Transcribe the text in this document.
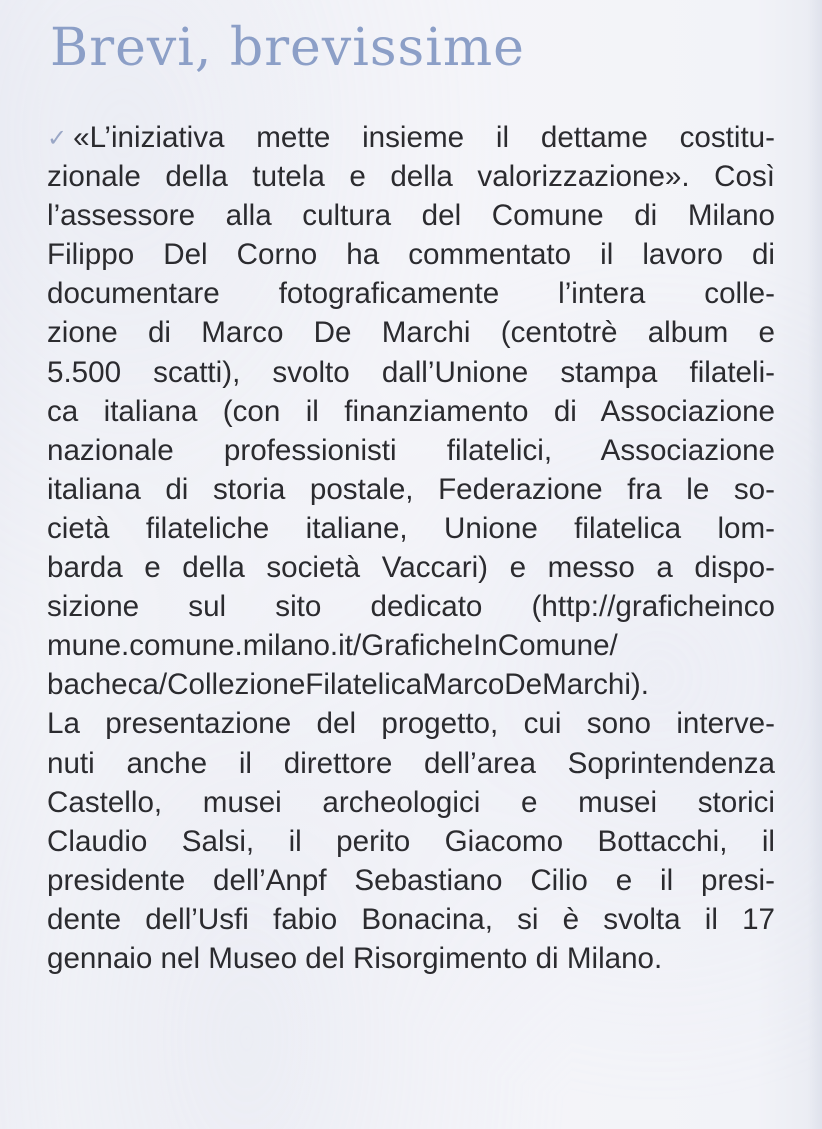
Brevi, brevissime
✓ «L’iniziativa mette insieme il dettame costitu-
zionale della tutela e della valorizzazione». Così
l’assessore alla cultura del Comune di Milano
Filippo Del Corno ha commentato il lavoro di
documentare fotograficamente l’intera colle-
zione di Marco De Marchi (centotrè album e
5.500 scatti), svolto dall’Unione stampa filateli-
ca italiana (con il finanziamento di Associazione
nazionale professionisti filatelici, Associazione
italiana di storia postale, Federazione fra le so-
cietà filateliche italiane, Unione filatelica lom-
barda e della società Vaccari) e messo a dispo-
sizione sul sito dedicato (http://graficheinco
mune.comune.milano.it/GraficheInComune/
bacheca/CollezioneFilatelicaMarcoDeMarchi).
La presentazione del progetto, cui sono interve-
nuti anche il direttore dell’area Soprintendenza
Castello, musei archeologici e musei storici
Claudio Salsi, il perito Giacomo Bottacchi, il
presidente dell’Anpf Sebastiano Cilio e il presi-
dente dell’Usfi fabio Bonacina, si è svolta il 17
gennaio nel Museo del Risorgimento di Milano.
